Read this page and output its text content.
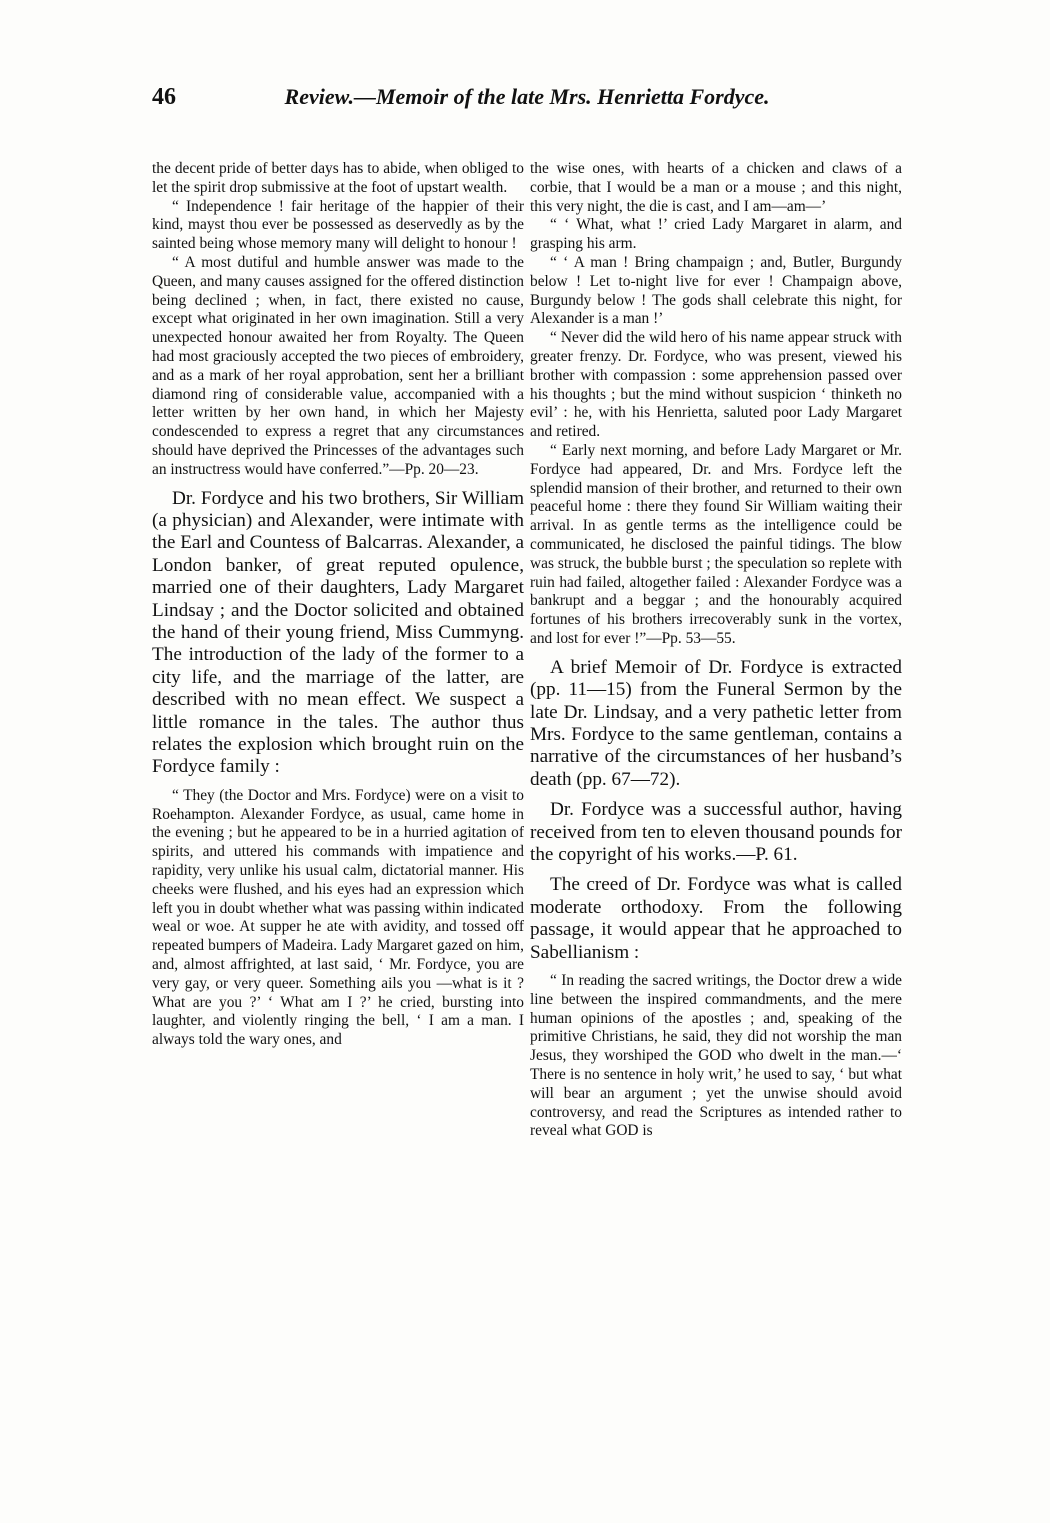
46	Review.—Memoir of the late Mrs. Henrietta Fordyce.

the decent pride of better days has to abide, when obliged to let the spirit drop submissive at the foot of upstart wealth.

“ Independence ! fair heritage of the happier of their kind, mayst thou ever be possessed as deservedly as by the sainted being whose memory many will delight to honour !

“ A most dutiful and humble answer was made to the Queen, and many causes assigned for the offered distinction being declined ; when, in fact, there existed no cause, except what originated in her own imagination. Still a very unexpected honour awaited her from Royalty. The Queen had most graciously accepted the two pieces of embroidery, and as a mark of her royal approbation, sent her a brilliant diamond ring of considerable value, accompanied with a letter written by her own hand, in which her Majesty condescended to express a regret that any circumstances should have deprived the Princesses of the advantages such an instructress would have conferred.”—Pp. 20—23.

Dr. Fordyce and his two brothers, Sir William (a physician) and Alexander, were intimate with the Earl and Countess of Balcarras. Alexander, a London banker, of great reputed opulence, married one of their daughters, Lady Margaret Lindsay ; and the Doctor solicited and obtained the hand of their young friend, Miss Cummyng. The introduction of the lady of the former to a city life, and the marriage of the latter, are described with no mean effect. We suspect a little romance in the tales. The author thus relates the explosion which brought ruin on the Fordyce family :

“ They (the Doctor and Mrs. Fordyce) were on a visit to Roehampton. Alexander Fordyce, as usual, came home in the evening ; but he appeared to be in a hurried agitation of spirits, and uttered his commands with impatience and rapidity, very unlike his usual calm, dictatorial manner. His cheeks were flushed, and his eyes had an expression which left you in doubt whether what was passing within indicated weal or woe. At supper he ate with avidity, and tossed off repeated bumpers of Madeira. Lady Margaret gazed on him, and, almost affrighted, at last said, ‘ Mr. Fordyce, you are very gay, or very queer. Something ails you —what is it ? What are you ?’ ‘ What am I ?’ he cried, bursting into laughter, and violently ringing the bell, ‘ I am a man. I always told the wary ones, and

the wise ones, with hearts of a chicken and claws of a corbie, that I would be a man or a mouse ; and this night, this very night, the die is cast, and I am—am—’

“ ‘ What, what !’ cried Lady Margaret in alarm, and grasping his arm.

“ ‘ A man ! Bring champaign ; and, Butler, Burgundy below ! Let to-night live for ever ! Champaign above, Burgundy below ! The gods shall celebrate this night, for Alexander is a man !’

“ Never did the wild hero of his name appear struck with greater frenzy. Dr. Fordyce, who was present, viewed his brother with compassion : some apprehension passed over his thoughts ; but the mind without suspicion ‘ thinketh no evil’ : he, with his Henrietta, saluted poor Lady Margaret and retired.

“ Early next morning, and before Lady Margaret or Mr. Fordyce had appeared, Dr. and Mrs. Fordyce left the splendid mansion of their brother, and returned to their own peaceful home : there they found Sir William waiting their arrival. In as gentle terms as the intelligence could be communicated, he disclosed the painful tidings. The blow was struck, the bubble burst ; the speculation so replete with ruin had failed, altogether failed : Alexander Fordyce was a bankrupt and a beggar ; and the honourably acquired fortunes of his brothers irrecoverably sunk in the vortex, and lost for ever !”—Pp. 53—55.

A brief Memoir of Dr. Fordyce is extracted (pp. 11—15) from the Funeral Sermon by the late Dr. Lindsay, and a very pathetic letter from Mrs. Fordyce to the same gentleman, contains a narrative of the circumstances of her husband’s death (pp. 67—72).

Dr. Fordyce was a successful author, having received from ten to eleven thousand pounds for the copyright of his works.—P. 61.

The creed of Dr. Fordyce was what is called moderate orthodoxy. From the following passage, it would appear that he approached to Sabellianism :

“ In reading the sacred writings, the Doctor drew a wide line between the inspired commandments, and the mere human opinions of the apostles ; and, speaking of the primitive Christians, he said, they did not worship the man Jesus, they worshiped the GOD who dwelt in the man.—‘ There is no sentence in holy writ,’ he used to say, ‘ but what will bear an argument ; yet the unwise should avoid controversy, and read the Scriptures as intended rather to reveal what GOD is
